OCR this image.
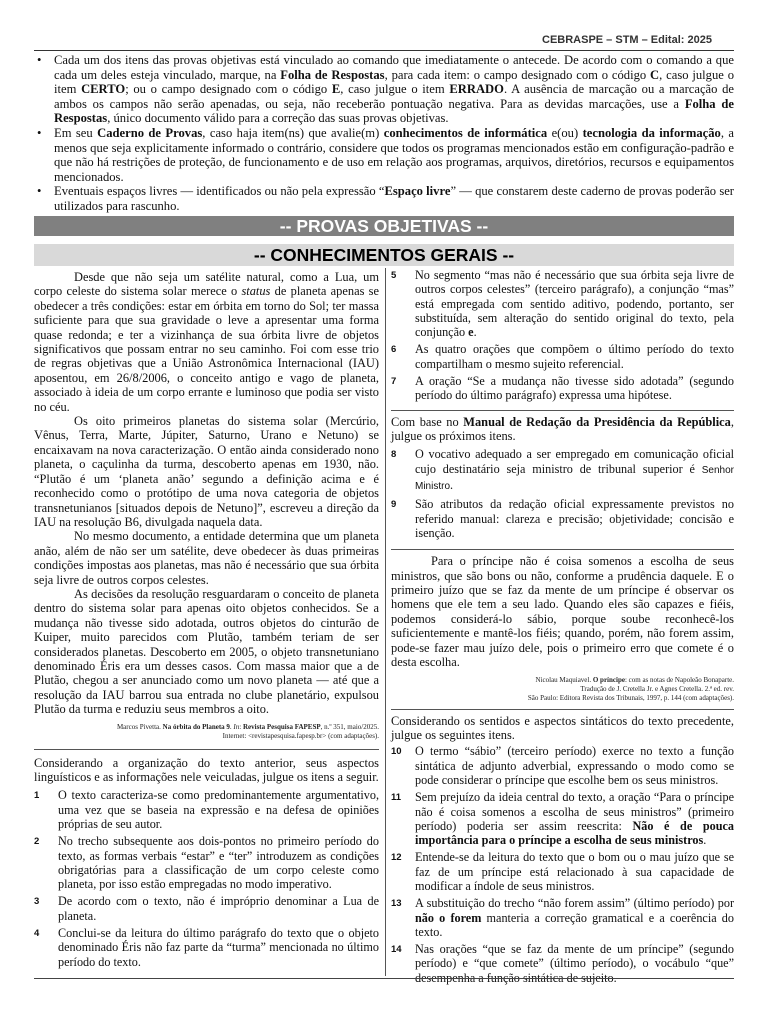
CEBRASPE – STM – Edital: 2025
• Cada um dos itens das provas objetivas está vinculado ao comando que imediatamente o antecede. De acordo com o comando a que cada um deles esteja vinculado, marque, na Folha de Respostas, para cada item: o campo designado com o código C, caso julgue o item CERTO; ou o campo designado com o código E, caso julgue o item ERRADO. A ausência de marcação ou a marcação de ambos os campos não serão apenadas, ou seja, não receberão pontuação negativa. Para as devidas marcações, use a Folha de Respostas, único documento válido para a correção das suas provas objetivas.
• Em seu Caderno de Provas, caso haja item(ns) que avalie(m) conhecimentos de informática e(ou) tecnologia da informação, a menos que seja explicitamente informado o contrário, considere que todos os programas mencionados estão em configuração-padrão e que não há restrições de proteção, de funcionamento e de uso em relação aos programas, arquivos, diretórios, recursos e equipamentos mencionados.
• Eventuais espaços livres — identificados ou não pela expressão “Espaço livre” — que constarem deste caderno de provas poderão ser utilizados para rascunho.
-- PROVAS OBJETIVAS --
-- CONHECIMENTOS GERAIS --

Desde que não seja um satélite natural, como a Lua, um corpo celeste do sistema solar merece o status de planeta apenas se obedecer a três condições: estar em órbita em torno do Sol; ter massa suficiente para que sua gravidade o leve a apresentar uma forma quase redonda; e ter a vizinhança de sua órbita livre de objetos significativos que possam entrar no seu caminho. Foi com esse trio de regras objetivas que a União Astronômica Internacional (IAU) aposentou, em 26/8/2006, o conceito antigo e vago de planeta, associado à ideia de um corpo errante e luminoso que podia ser visto no céu.

Os oito primeiros planetas do sistema solar (Mercúrio, Vênus, Terra, Marte, Júpiter, Saturno, Urano e Netuno) se encaixavam na nova caracterização. O então ainda considerado nono planeta, o caçulinha da turma, descoberto apenas em 1930, não. “Plutão é um ‘planeta anão’ segundo a definição acima e é reconhecido como o protótipo de uma nova categoria de objetos transnetunianos [situados depois de Netuno]”, escreveu a direção da IAU na resolução B6, divulgada naquela data.

No mesmo documento, a entidade determina que um planeta anão, além de não ser um satélite, deve obedecer às duas primeiras condições impostas aos planetas, mas não é necessário que sua órbita seja livre de outros corpos celestes.

As decisões da resolução resguardaram o conceito de planeta dentro do sistema solar para apenas oito objetos conhecidos. Se a mudança não tivesse sido adotada, outros objetos do cinturão de Kuiper, muito parecidos com Plutão, também teriam de ser considerados planetas. Descoberto em 2005, o objeto transnetuniano denominado Éris era um desses casos. Com massa maior que a de Plutão, chegou a ser anunciado como um novo planeta — até que a resolução da IAU barrou sua entrada no clube planetário, expulsou Plutão da turma e reduziu seus membros a oito.

Marcos Pivetta. Na órbita do Planeta 9. In: Revista Pesquisa FAPESP, n.º 351, maio/2025.
Internet: <revistapesquisa.fapesp.br> (com adaptações).

Considerando a organização do texto anterior, seus aspectos linguísticos e as informações nele veiculadas, julgue os itens a seguir.

1 O texto caracteriza-se como predominantemente argumentativo, uma vez que se baseia na expressão e na defesa de opiniões próprias de seu autor.
2 No trecho subsequente aos dois-pontos no primeiro período do texto, as formas verbais “estar” e “ter” introduzem as condições obrigatórias para a classificação de um corpo celeste como planeta, por isso estão empregadas no modo imperativo.
3 De acordo com o texto, não é impróprio denominar a Lua de planeta.
4 Conclui-se da leitura do último parágrafo do texto que o objeto denominado Éris não faz parte da “turma” mencionada no último período do texto.
5 No segmento “mas não é necessário que sua órbita seja livre de outros corpos celestes” (terceiro parágrafo), a conjunção “mas” está empregada com sentido aditivo, podendo, portanto, ser substituída, sem alteração do sentido original do texto, pela conjunção e.
6 As quatro orações que compõem o último período do texto compartilham o mesmo sujeito referencial.
7 A oração “Se a mudança não tivesse sido adotada” (segundo período do último parágrafo) expressa uma hipótese.

Com base no Manual de Redação da Presidência da República, julgue os próximos itens.

8 O vocativo adequado a ser empregado em comunicação oficial cujo destinatário seja ministro de tribunal superior é Senhor Ministro.
9 São atributos da redação oficial expressamente previstos no referido manual: clareza e precisão; objetividade; concisão e isenção.

Para o príncipe não é coisa somenos a escolha de seus ministros, que são bons ou não, conforme a prudência daquele. E o primeiro juízo que se faz da mente de um príncipe é observar os homens que ele tem a seu lado. Quando eles são capazes e fiéis, podemos considerá-lo sábio, porque soube reconhecê-los suficientemente e mantê-los fiéis; quando, porém, não forem assim, pode-se fazer mau juízo dele, pois o primeiro erro que comete é o desta escolha.

Nicolau Maquiavel. O príncipe: com as notas de Napoleão Bonaparte.
Tradução de J. Cretella Jr. e Agnes Cretella. 2.ª ed. rev.
São Paulo: Editora Revista dos Tribunais, 1997, p. 144 (com adaptações).

Considerando os sentidos e aspectos sintáticos do texto precedente, julgue os seguintes itens.

10 O termo “sábio” (terceiro período) exerce no texto a função sintática de adjunto adverbial, expressando o modo como se pode considerar o príncipe que escolhe bem os seus ministros.
11 Sem prejuízo da ideia central do texto, a oração “Para o príncipe não é coisa somenos a escolha de seus ministros” (primeiro período) poderia ser assim reescrita: Não é de pouca importância para o príncipe a escolha de seus ministros.
12 Entende-se da leitura do texto que o bom ou o mau juízo que se faz de um príncipe está relacionado à sua capacidade de modificar a índole de seus ministros.
13 A substituição do trecho “não forem assim” (último período) por não o forem manteria a correção gramatical e a coerência do texto.
14 Nas orações “que se faz da mente de um príncipe” (segundo período) e “que comete” (último período), o vocábulo “que” desempenha a função sintática de sujeito.
